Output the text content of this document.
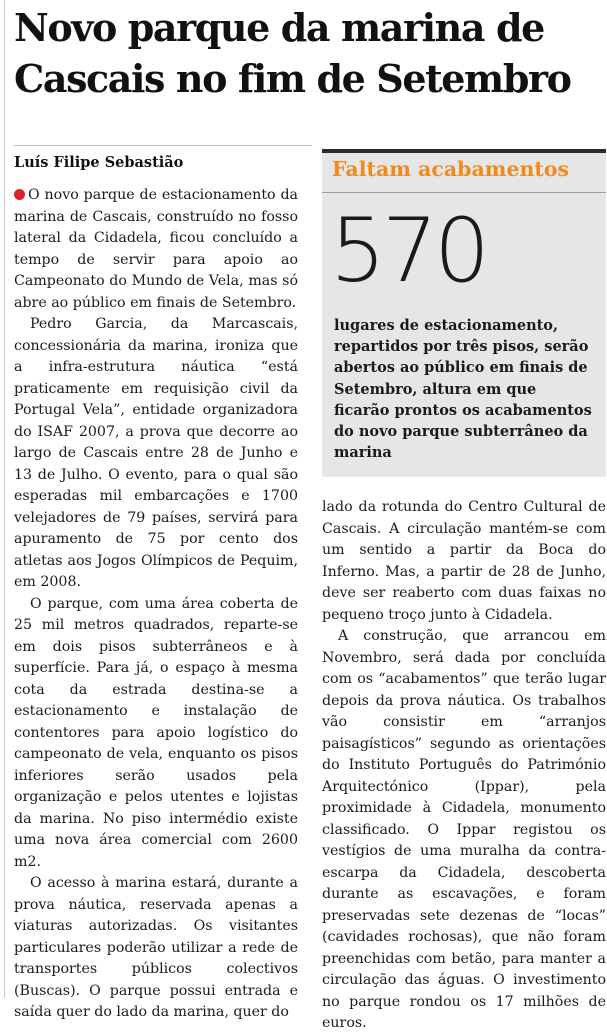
Novo parque da marina de
Cascais no fim de Setembro

Luís Filipe Sebastião

O novo parque de estacionamento da marina de Cascais, construído no fosso lateral da Cidadela, ficou concluído a tempo de servir para apoio ao Campeonato do Mundo de Vela, mas só abre ao público em finais de Setembro.

Pedro Garcia, da Marcascais, concessionária da marina, ironiza que a infra-estrutura náutica “está praticamente em requisição civil da Portugal Vela”, entidade organizadora do ISAF 2007, a prova que decorre ao largo de Cascais entre 28 de Junho e 13 de Julho. O evento, para o qual são esperadas mil embarcações e 1700 velejadores de 79 países, servirá para apuramento de 75 por cento dos atletas aos Jogos Olímpicos de Pequim, em 2008.

O parque, com uma área coberta de 25 mil metros quadrados, reparte-se em dois pisos subterrâneos e à superfície. Para já, o espaço à mesma cota da estrada destina-se a estacionamento e instalação de contentores para apoio logístico do campeonato de vela, enquanto os pisos inferiores serão usados pela organização e pelos utentes e lojistas da marina. No piso intermédio existe uma nova área comercial com 2600 m2.

O acesso à marina estará, durante a prova náutica, reservada apenas a viaturas autorizadas. Os visitantes particulares poderão utilizar a rede de transportes públicos colectivos (Buscas). O parque possui entrada e saída quer do lado da marina, quer do

Faltam acabamentos

570

lugares de estacionamento, repartidos por três pisos, serão abertos ao público em finais de Setembro, altura em que ficarão prontos os acabamentos do novo parque subterrâneo da marina

lado da rotunda do Centro Cultural de Cascais. A circulação mantém-se com um sentido a partir da Boca do Inferno. Mas, a partir de 28 de Junho, deve ser reaberto com duas faixas no pequeno troço junto à Cidadela.

A construção, que arrancou em Novembro, será dada por concluída com os “acabamentos” que terão lugar depois da prova náutica. Os trabalhos vão consistir em “arranjos paisagísticos” segundo as orientações do Instituto Português do Património Arquitectónico (Ippar), pela proximidade à Cidadela, monumento classificado. O Ippar registou os vestígios de uma muralha da contra-escarpa da Cidadela, descoberta durante as escavações, e foram preservadas sete dezenas de “locas” (cavidades rochosas), que não foram preenchidas com betão, para manter a circulação das águas. O investimento no parque rondou os 17 milhões de euros.
